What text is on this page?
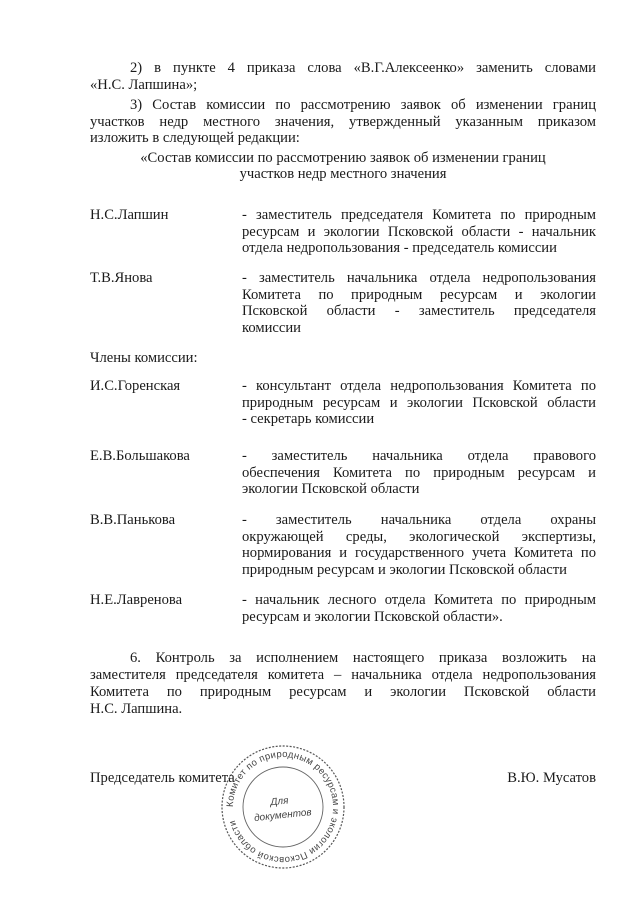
2) в пункте 4 приказа слова «В.Г.Алексеенко» заменить словами
«Н.С. Лапшина»;
3) Состав комиссии по рассмотрению заявок об изменении границ
участков недр местного значения, утвержденный указанным приказом
изложить в следующей редакции:
«Состав комиссии по рассмотрению заявок об изменении границ
участков недр местного значения
Н.С.Лапшин	- заместитель председателя Комитета по природным
ресурсам и экологии Псковской области - начальник
отдела недропользования - председатель комиссии
Т.В.Янова	- заместитель начальника отдела недропользования
Комитета по природным ресурсам и экологии
Псковской области - заместитель председателя
комиссии
Члены комиссии:
И.С.Горенская	- консультант отдела недропользования Комитета по
природным ресурсам и экологии Псковской области
- секретарь комиссии
Е.В.Большакова	- заместитель начальника отдела правового
обеспечения Комитета по природным ресурсам и
экологии Псковской области
В.В.Панькова	- заместитель начальника отдела охраны
окружающей среды, экологической экспертизы,
нормирования и государственного учета Комитета по
природным ресурсам и экологии Псковской области
Н.Е.Лавренова	- начальник лесного отдела Комитета по природным
ресурсам и экологии Псковской области».
6. Контроль за исполнением настоящего приказа возложить на
заместителя председателя комитета – начальника отдела недропользования
Комитета по природным ресурсам и экологии Псковской области
Н.С. Лапшина.
Комитет по природным ресурсам и экологии Псковской области
Для
документов
Председатель комитета	В.Ю. Мусатов
